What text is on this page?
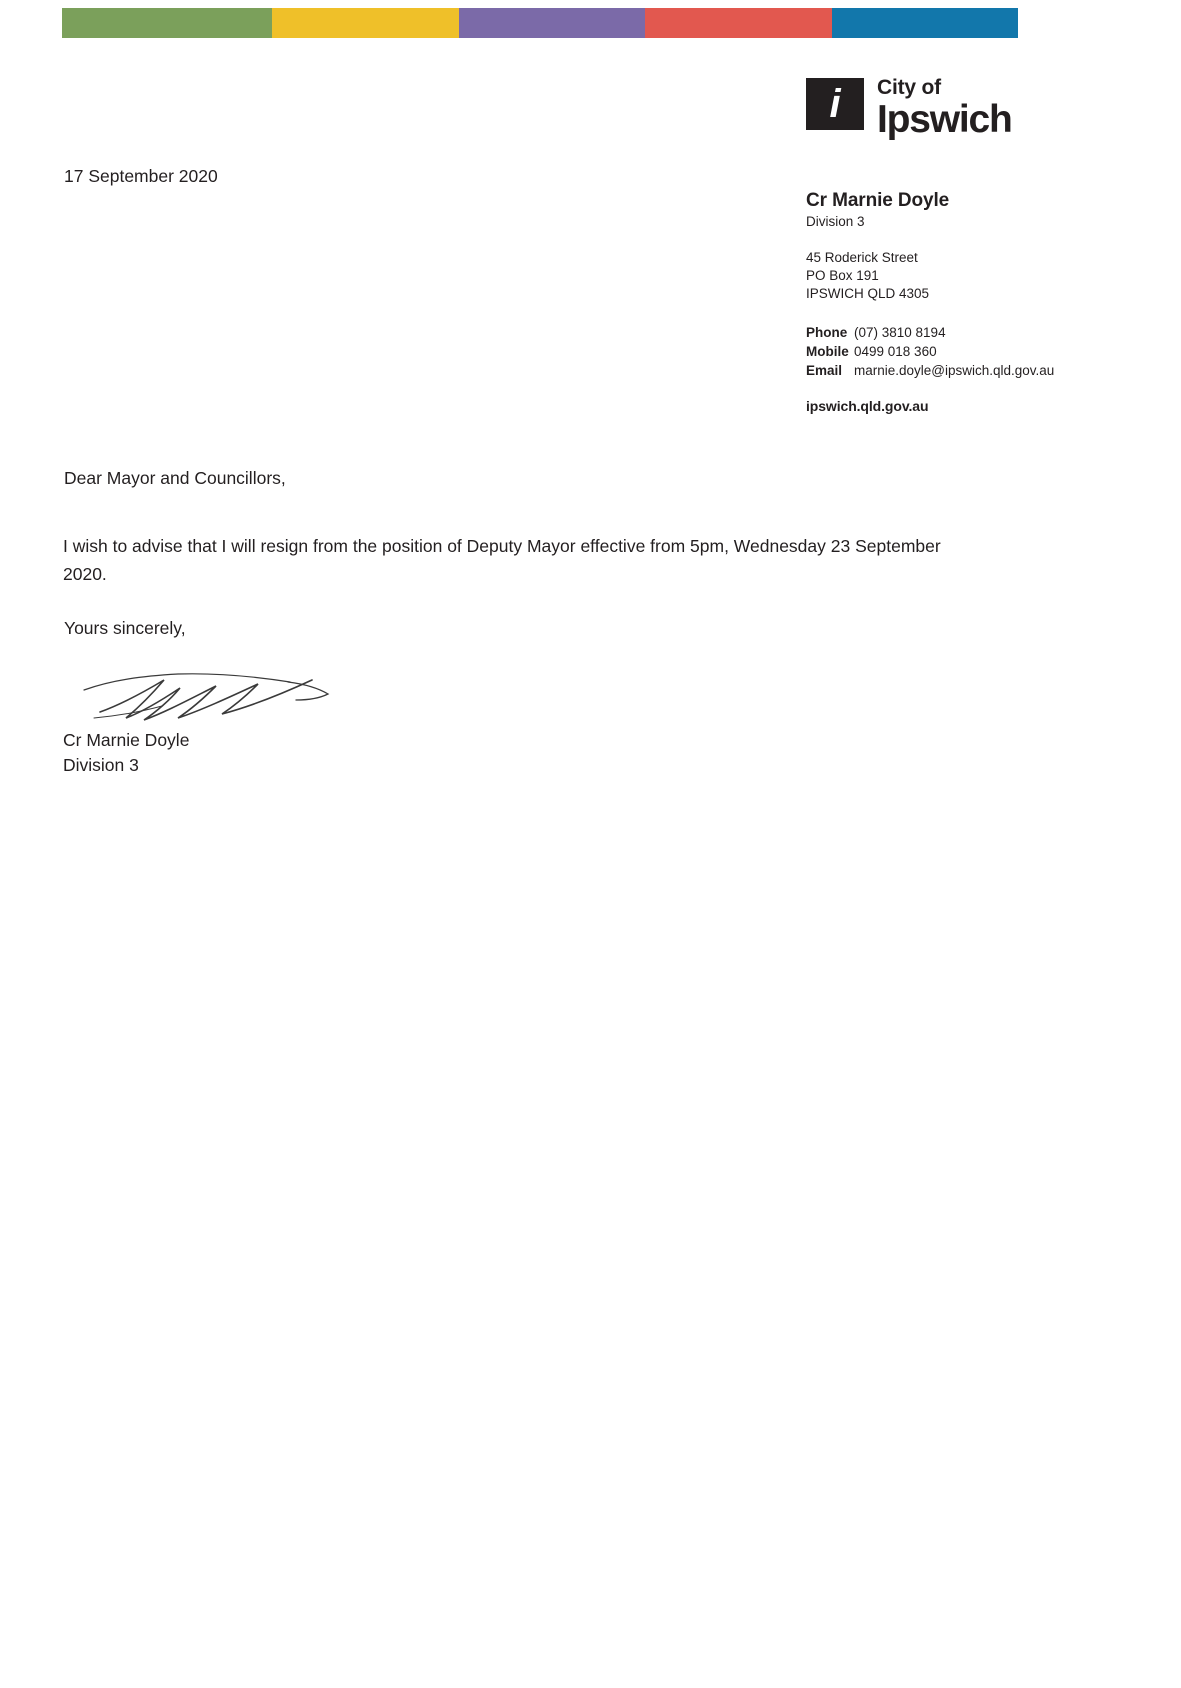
i	City of
Ipswich
17 September 2020
Cr Marnie Doyle
Division 3
45 Roderick Street
PO Box 191
IPSWICH QLD 4305
Phone (07) 3810 8194
Mobile 0499 018 360
Email marnie.doyle@ipswich.qld.gov.au
ipswich.qld.gov.au
Dear Mayor and Councillors,
I wish to advise that I will resign from the position of Deputy Mayor effective from 5pm, Wednesday 23 September 2020.
Yours sincerely,
Cr Marnie Doyle
Division 3
